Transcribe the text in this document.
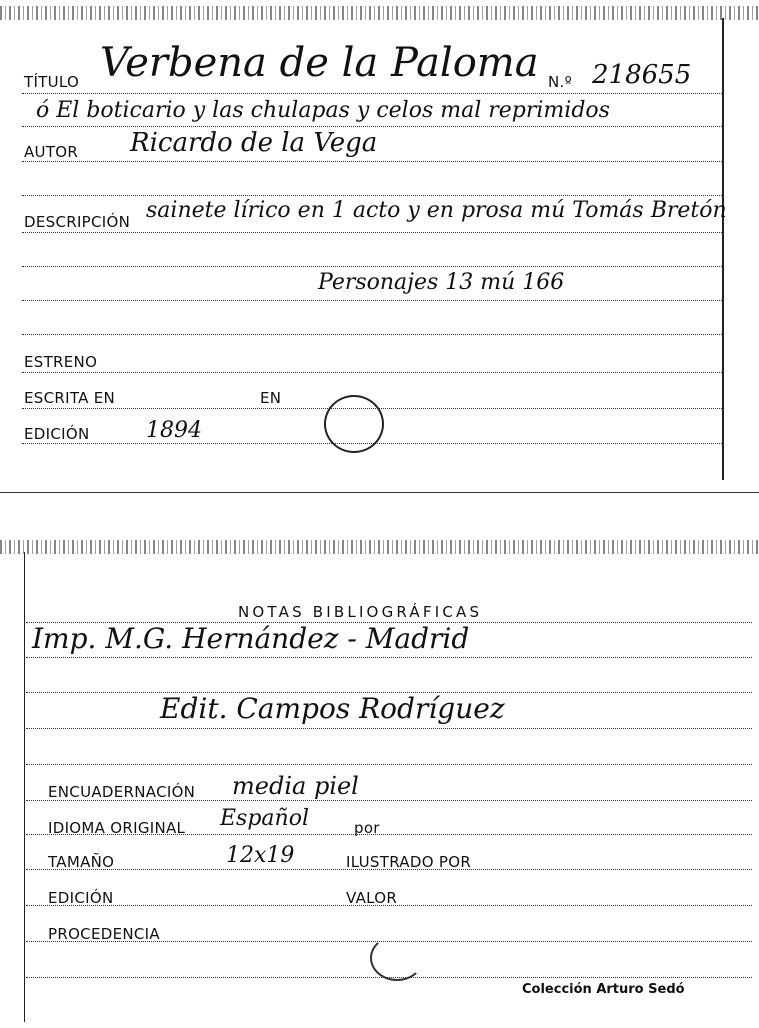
TÍTULO Verbena de la Paloma N.º 218655
ó El boticario y las chulapas y celos mal reprimidos
AUTOR Ricardo de la Vega
DESCRIPCIÓN sainete lírico en 1 acto y en prosa mú Tomás Bretón
Personajes 13 mú 166
ESTRENO
ESCRITA EN	EN
EDICIÓN	1894
NOTAS BIBLIOGRÁFICAS
Imp. M.G. Hernández - Madrid
Edit. Campos Rodríguez
ENCUADERNACIÓN media piel
IDIOMA ORIGINAL Español	por
TAMAÑO	12x19	ILUSTRADO POR
EDICIÓN	VALOR
PROCEDENCIA
Colección Arturo Sedó
